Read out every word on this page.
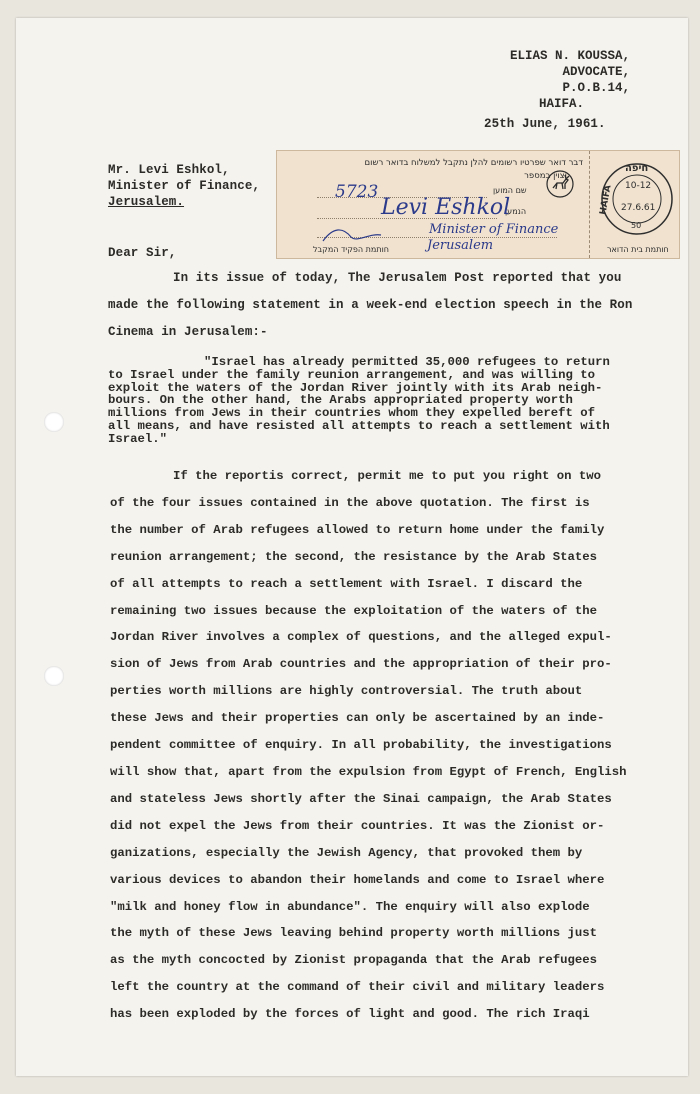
ELIAS N. KOUSSA,
ADVOCATE,
P.O.B.14,
HAIFA.
25th June, 1961.
Mr. Levi Eshkol,
Minister of Finance,
Jerusalem.
Dear Sir,
In its issue of today, The Jerusalem Post reported that you
made the following statement in a week-end election speech in the Ron
Cinema in Jerusalem:-
"Israel has already permitted 35,000 refugees to return
to Israel under the family reunion arrangement, and was willing to
exploit the waters of the Jordan River jointly with its Arab neigh-
bours. On the other hand, the Arabs appropriated property worth
millions from Jews in their countries whom they expelled bereft of
all means, and have resisted all attempts to reach a settlement with
Israel."
If the reportis correct, permit me to put you right on two
of the four issues contained in the above quotation. The first is
the number of Arab refugees allowed to return home under the family
reunion arrangement; the second, the resistance by the Arab States
of all attempts to reach a settlement with Israel. I discard the
remaining two issues because the exploitation of the waters of the
Jordan River involves a complex of questions, and the alleged expul-
sion of Jews from Arab countries and the appropriation of their pro-
perties worth millions are highly controversial. The truth about
these Jews and their properties can only be ascertained by an inde-
pendent committee of enquiry. In all probability, the investigations
will show that, apart from the expulsion from Egypt of French, English
and stateless Jews shortly after the Sinai campaign, the Arab States
did not expel the Jews from their countries. It was the Zionist or-
ganizations, especially the Jewish Agency, that provoked them by
various devices to abandon their homelands and come to Israel where
"milk and honey flow in abundance". The enquiry will also explode
the myth of these Jews leaving behind property worth millions just
as the myth concocted by Zionist propaganda that the Arab refugees
left the country at the command of their civil and military leaders
has been exploded by the forces of light and good. The rich Iraqi
דבר דואר שפרטיו רשומים להלן נתקבל למשלוח בדואר רשום
וצוין במספר
שם המוען
הנמען
5723
Levi Eshkol
Minister of Finance
Jerusalem
חותמת הפקיד המקבל	חותמת בית הדואר
חיפה
10-12
27.6.61
50
HAIFA
